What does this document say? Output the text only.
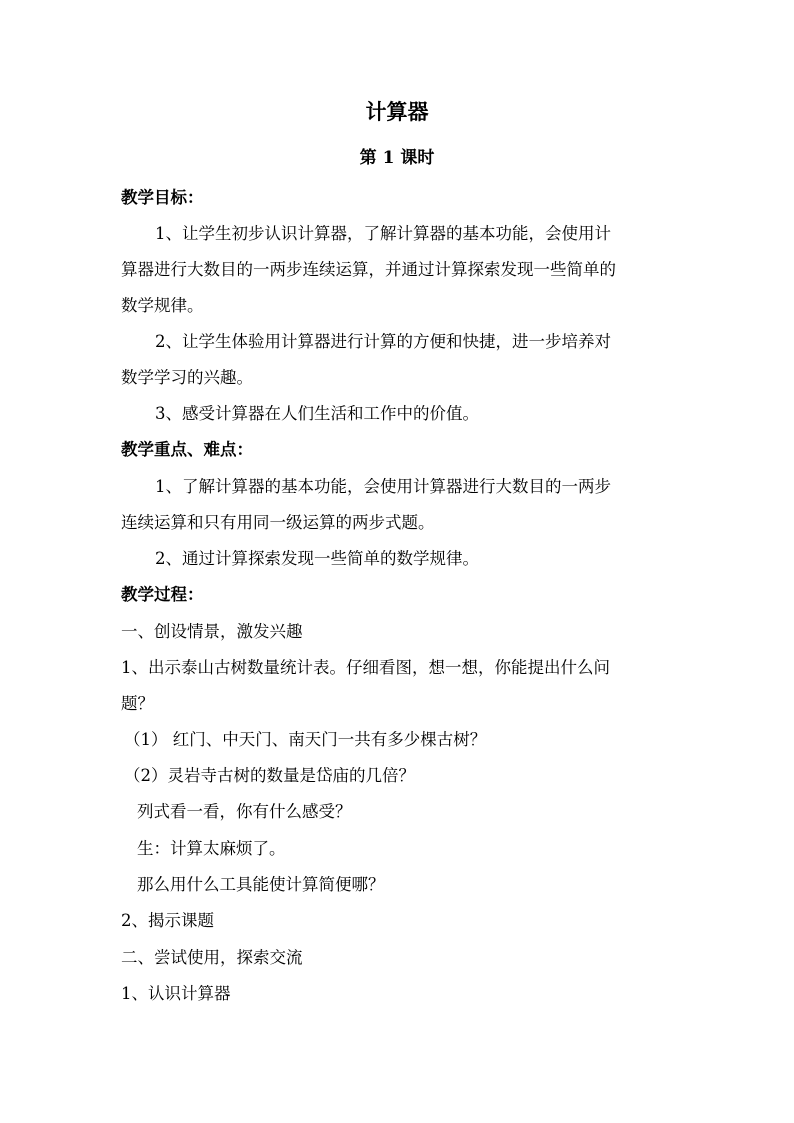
计算器
第 1 课时
教学目标：
1、让学生初步认识计算器，了解计算器的基本功能，会使用计
算器进行大数目的一两步连续运算，并通过计算探索发现一些简单的
数学规律。
2、让学生体验用计算器进行计算的方便和快捷，进一步培养对
数学学习的兴趣。
3、感受计算器在人们生活和工作中的价值。
教学重点、难点：
1、了解计算器的基本功能，会使用计算器进行大数目的一两步
连续运算和只有用同一级运算的两步式题。
2、通过计算探索发现一些简单的数学规律。
教学过程：
一、创设情景，激发兴趣
1、出示泰山古树数量统计表。仔细看图，想一想，你能提出什么问
题？
（1） 红门、中天门、南天门一共有多少棵古树？
（2）灵岩寺古树的数量是岱庙的几倍？
列式看一看，你有什么感受？
生：计算太麻烦了。
那么用什么工具能使计算简便哪？
2、揭示课题
二、尝试使用，探索交流
1、认识计算器
